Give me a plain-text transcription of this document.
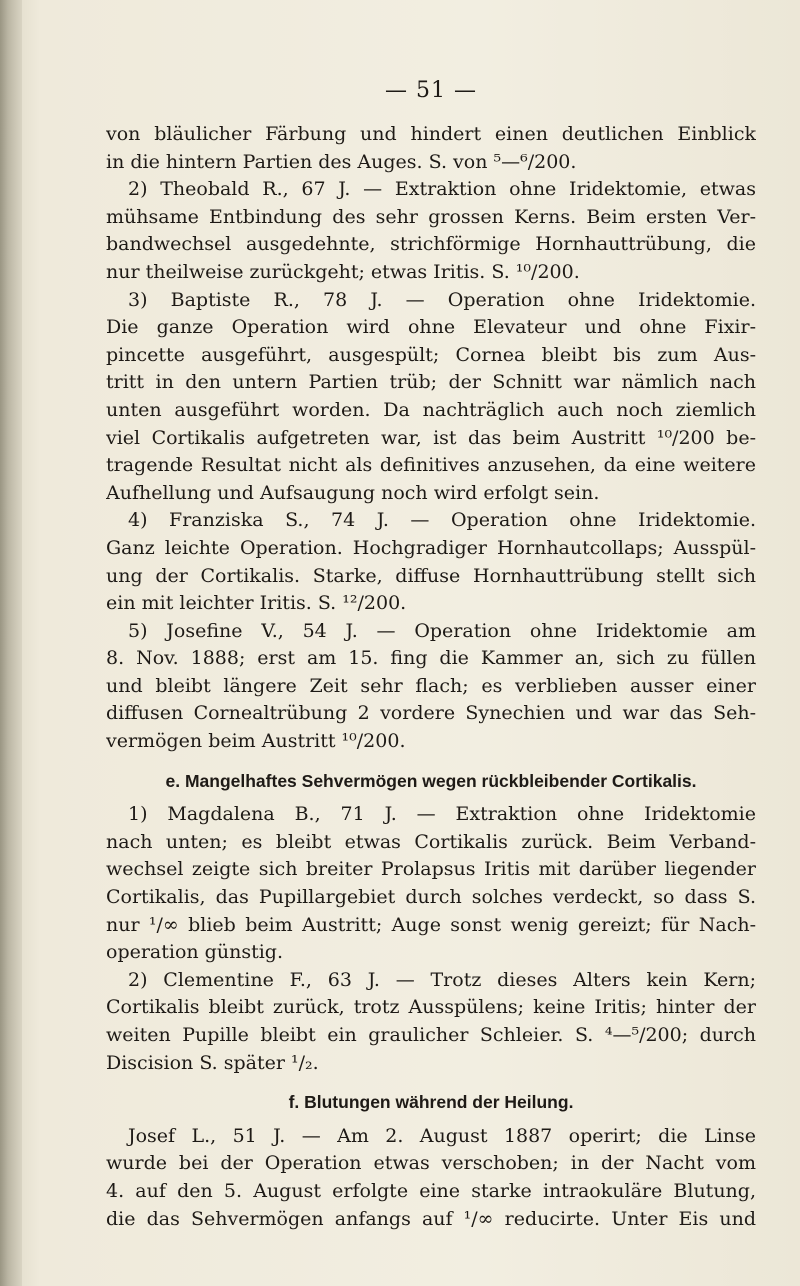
— 51 —
von bläulicher Färbung und hindert einen deutlichen Einblick
in die hintern Partien des Auges. S. von ⁵—⁶/200.
2) Theobald R., 67 J. — Extraktion ohne Iridektomie, etwas
mühsame Entbindung des sehr grossen Kerns. Beim ersten Ver-
bandwechsel ausgedehnte, strichförmige Hornhauttrübung, die
nur theilweise zurückgeht; etwas Iritis. S. ¹⁰/200.
3) Baptiste R., 78 J. — Operation ohne Iridektomie.
Die ganze Operation wird ohne Elevateur und ohne Fixir-
pincette ausgeführt, ausgespült; Cornea bleibt bis zum Aus-
tritt in den untern Partien trüb; der Schnitt war nämlich nach
unten ausgeführt worden. Da nachträglich auch noch ziemlich
viel Cortikalis aufgetreten war, ist das beim Austritt ¹⁰/200 be-
tragende Resultat nicht als definitives anzusehen, da eine weitere
Aufhellung und Aufsaugung noch wird erfolgt sein.
4) Franziska S., 74 J. — Operation ohne Iridektomie.
Ganz leichte Operation. Hochgradiger Hornhautcollaps; Ausspül-
ung der Cortikalis. Starke, diffuse Hornhauttrübung stellt sich
ein mit leichter Iritis. S. ¹²/200.
5) Josefine V., 54 J. — Operation ohne Iridektomie am
8. Nov. 1888; erst am 15. fing die Kammer an, sich zu füllen
und bleibt längere Zeit sehr flach; es verblieben ausser einer
diffusen Cornealtrübung 2 vordere Synechien und war das Seh-
vermögen beim Austritt ¹⁰/200.
e. Mangelhaftes Sehvermögen wegen rückbleibender Cortikalis.
1) Magdalena B., 71 J. — Extraktion ohne Iridektomie
nach unten; es bleibt etwas Cortikalis zurück. Beim Verband-
wechsel zeigte sich breiter Prolapsus Iritis mit darüber liegender
Cortikalis, das Pupillargebiet durch solches verdeckt, so dass S.
nur ¹/∞ blieb beim Austritt; Auge sonst wenig gereizt; für Nach-
operation günstig.
2) Clementine F., 63 J. — Trotz dieses Alters kein Kern;
Cortikalis bleibt zurück, trotz Ausspülens; keine Iritis; hinter der
weiten Pupille bleibt ein graulicher Schleier. S. ⁴—⁵/200; durch
Discision S. später ¹/₂.
f. Blutungen während der Heilung.
Josef L., 51 J. — Am 2. August 1887 operirt; die Linse
wurde bei der Operation etwas verschoben; in der Nacht vom
4. auf den 5. August erfolgte eine starke intraokuläre Blutung,
die das Sehvermögen anfangs auf ¹/∞ reducirte. Unter Eis und
